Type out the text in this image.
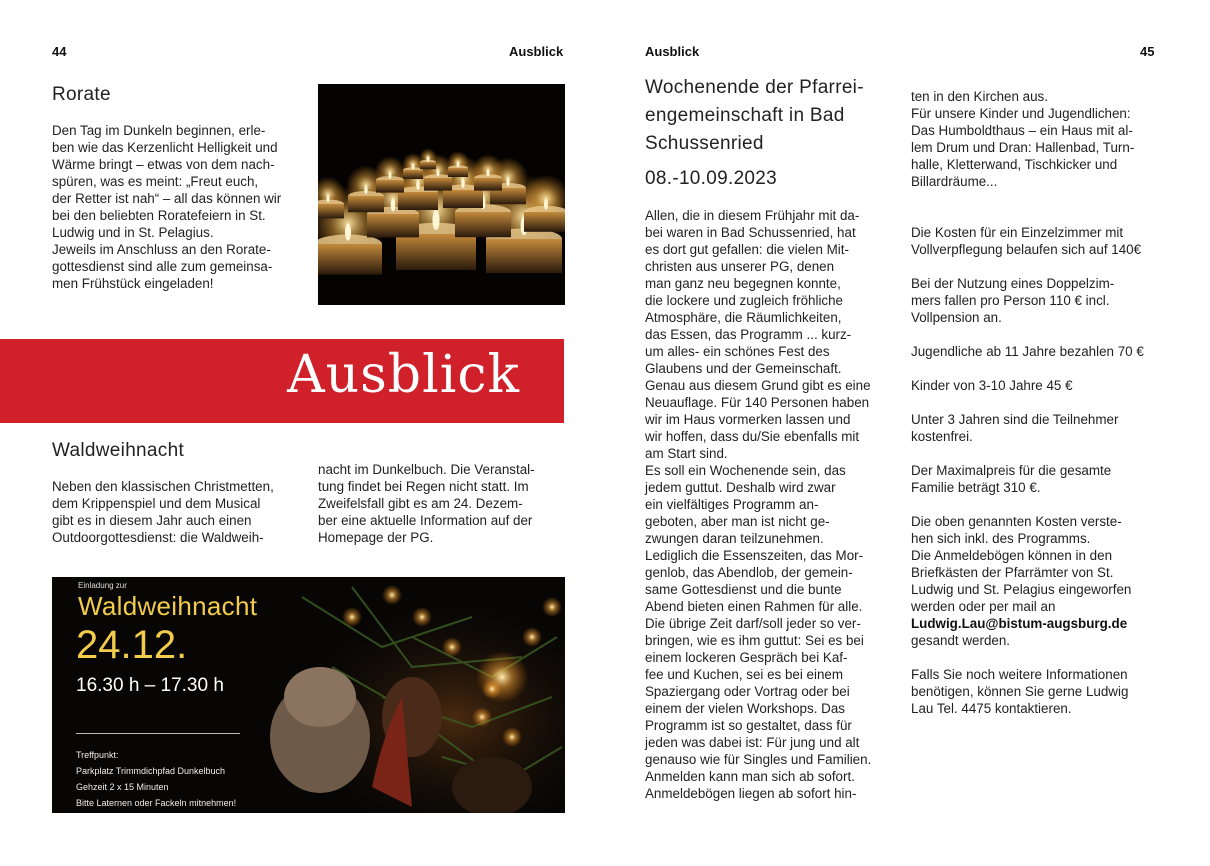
44	Ausblick
Rorate

Den Tag im Dunkeln beginnen, erle-

ben wie das Kerzenlicht Helligkeit und

Wärme bringt – etwas von dem nach-

spüren, was es meint: „Freut euch,

der Retter ist nah“ – all das können wir

bei den beliebten Roratefeiern in St.

Ludwig und in St. Pelagius.

Jeweils im Anschluss an den Rorate-

gottesdienst sind alle zum gemeinsa-

men Frühstück eingeladen!

Ausblick
Waldweihnacht

Neben den klassischen Christmetten,

dem Krippenspiel und dem Musical

gibt es in diesem Jahr auch einen

Outdoorgottesdienst: die Waldweih-

nacht im Dunkelbuch. Die Veranstal-

tung findet bei Regen nicht statt. Im

Zweifelsfall gibt es am 24. Dezem-

ber eine aktuelle Information auf der

Homepage der PG.

Einladung zur
Waldweihnacht
24.12.
16.30 h – 17.30 h
Treffpunkt:
Parkplatz Trimmdichpfad Dunkelbuch
Gehzeit 2 x 15 Minuten
Bitte Laternen oder Fackeln mitnehmen!
Ausblick	45
Wochenende der Pfarrei-
engemeinschaft in Bad
Schussenried
08.-10.09.2023

Allen, die in diesem Frühjahr mit da-

bei waren in Bad Schussenried, hat

es dort gut gefallen: die vielen Mit-

christen aus unserer PG, denen

man ganz neu begegnen konnte,

die lockere und zugleich fröhliche

Atmosphäre, die Räumlichkeiten,

das Essen, das Programm ... kurz-

um alles- ein schönes Fest des

Glaubens und der Gemeinschaft.

Genau aus diesem Grund gibt es eine

Neuauflage. Für 140 Personen haben

wir im Haus vormerken lassen und

wir hoffen, dass du/Sie ebenfalls mit

am Start sind.

Es soll ein Wochenende sein, das

jedem guttut. Deshalb wird zwar

ein vielfältiges Programm an-

geboten, aber man ist nicht ge-

zwungen daran teilzunehmen.

Lediglich die Essenszeiten, das Mor-

genlob, das Abendlob, der gemein-

same Gottesdienst und die bunte

Abend bieten einen Rahmen für alle.

Die übrige Zeit darf/soll jeder so ver-

bringen, wie es ihm guttut: Sei es bei

einem lockeren Gespräch bei Kaf-

fee und Kuchen, sei es bei einem

Spaziergang oder Vortrag oder bei

einem der vielen Workshops. Das

Programm ist so gestaltet, dass für

jeden was dabei ist: Für jung und alt

genauso wie für Singles und Familien.

Anmelden kann man sich ab sofort.

Anmeldebögen liegen ab sofort hin-

ten in den Kirchen aus.

Für unsere Kinder und Jugendlichen:

Das Humboldthaus – ein Haus mit al-

lem Drum und Dran: Hallenbad, Turn-

halle, Kletterwand, Tischkicker und

Billardräume...

Die Kosten für ein Einzelzimmer mit

Vollverpflegung belaufen sich auf 140€

Bei der Nutzung eines Doppelzim-

mers fallen pro Person 110 € incl.

Vollpension an.

Jugendliche ab 11 Jahre bezahlen 70 €

Kinder von 3-10 Jahre 45 €

Unter 3 Jahren sind die Teilnehmer

kostenfrei.

Der Maximalpreis für die gesamte

Familie beträgt 310 €.

Die oben genannten Kosten verste-

hen sich inkl. des Programms.

Die Anmeldebögen können in den

Briefkästen der Pfarrämter von St.

Ludwig und St. Pelagius eingeworfen

werden oder per mail an

Ludwig.Lau@bistum-augsburg.de

gesandt werden.

Falls Sie noch weitere Informationen

benötigen, können Sie gerne Ludwig

Lau Tel. 4475 kontaktieren.
